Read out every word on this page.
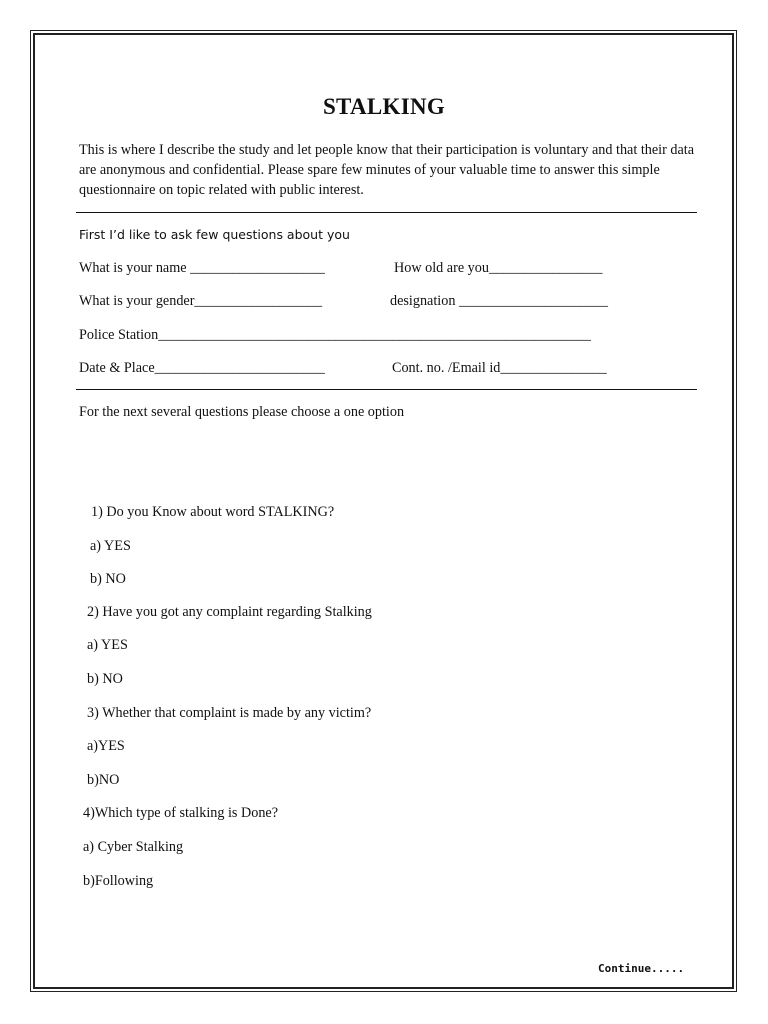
STALKING
This is where I describe the study and let people know that their participation is voluntary and that their data are anonymous and confidential. Please spare few minutes of your valuable time to answer this simple questionnaire on topic related with public interest.
First I’d like to ask few questions about you
What is your name ___________________	How old are you________________
What is your gender__________________	designation _____________________
Police Station_____________________________________________________________
Date & Place________________________	Cont. no. /Email id_______________
For the next several questions please choose a one option
1) Do you Know about word STALKING?
a) YES
b) NO
2) Have you got any complaint regarding Stalking
a) YES
b) NO
3) Whether that complaint is made by any victim?
a)YES
b)NO
4)Which type of stalking is Done?
a) Cyber Stalking
b)Following
Continue.....
